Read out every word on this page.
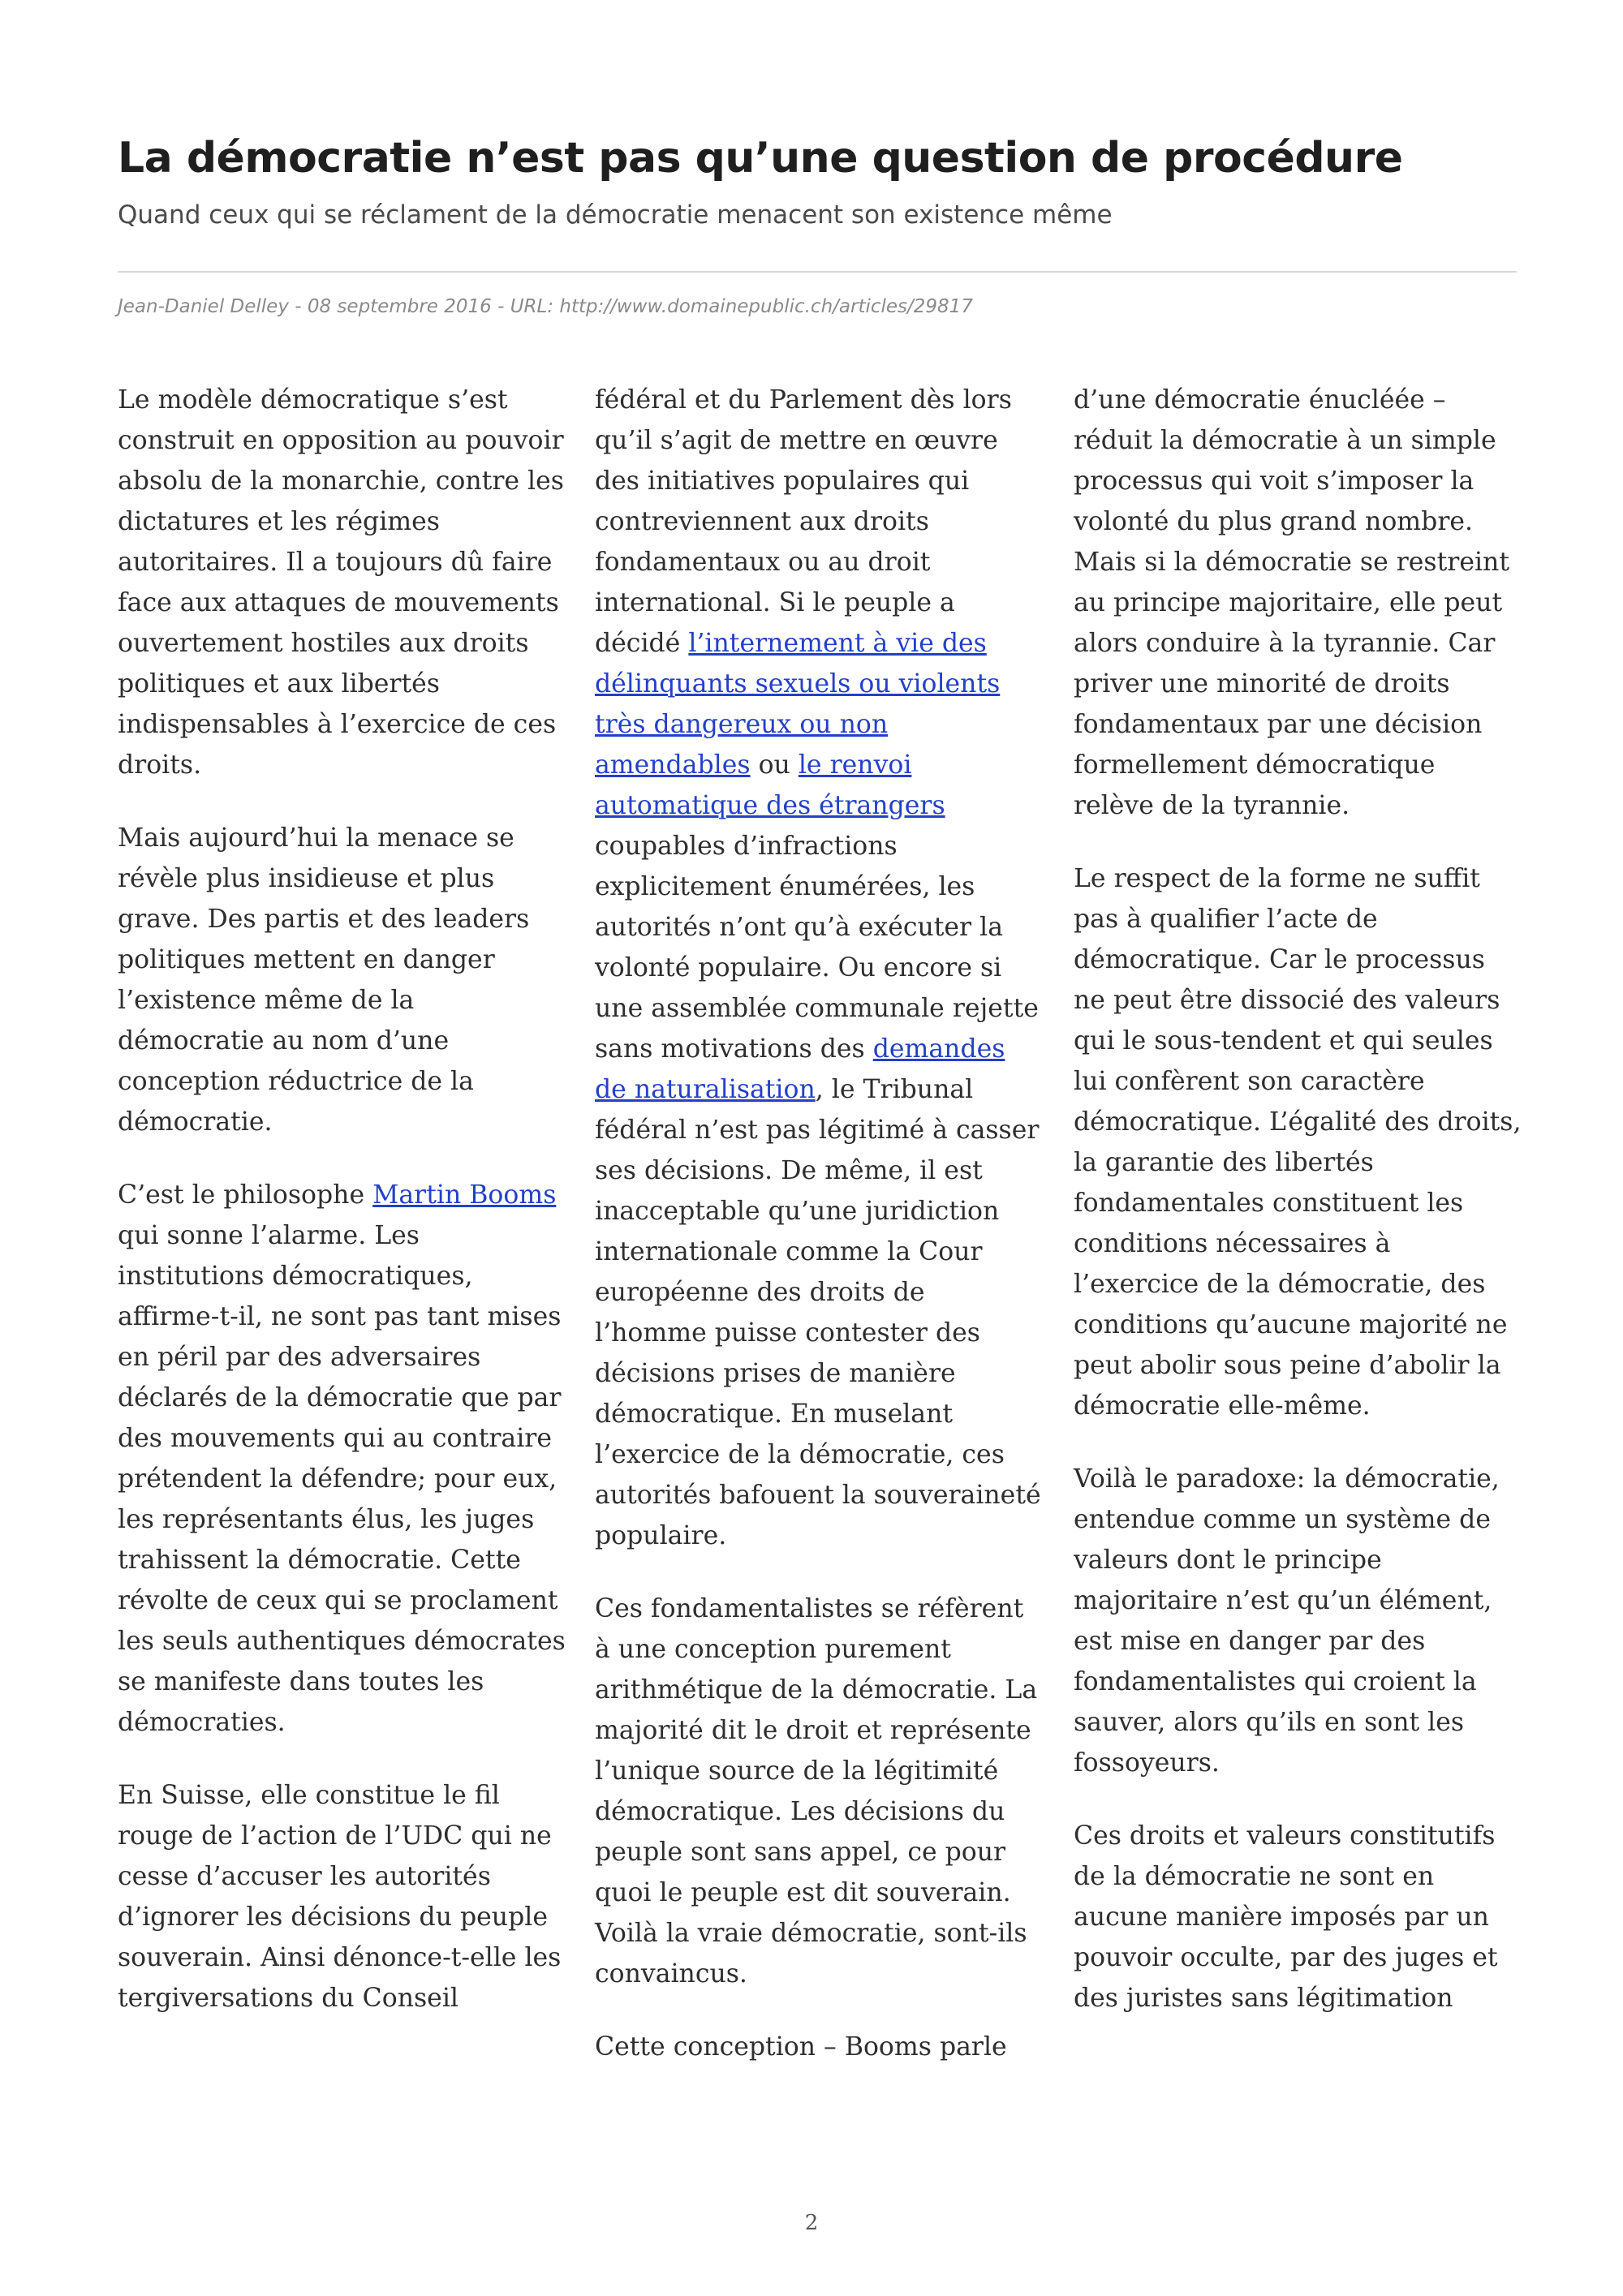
La démocratie n’est pas qu’une question de procédure

Quand ceux qui se réclament de la démocratie menacent son existence même

Jean-Daniel Delley - 08 septembre 2016 - URL: http://www.domainepublic.ch/articles/29817

Le modèle démocratique s’est construit en opposition au pouvoir absolu de la monarchie, contre les dictatures et les régimes autoritaires. Il a toujours dû faire face aux attaques de mouvements ouvertement hostiles aux droits politiques et aux libertés indispensables à l’exercice de ces droits.

Mais aujourd’hui la menace se révèle plus insidieuse et plus grave. Des partis et des leaders politiques mettent en danger l’existence même de la démocratie au nom d’une conception réductrice de la démocratie.

C’est le philosophe Martin Booms qui sonne l’alarme. Les institutions démocratiques, affirme-t-il, ne sont pas tant mises en péril par des adversaires déclarés de la démocratie que par des mouvements qui au contraire prétendent la défendre; pour eux, les représentants élus, les juges trahissent la démocratie. Cette révolte de ceux qui se proclament les seuls authentiques démocrates se manifeste dans toutes les démocraties.

En Suisse, elle constitue le fil rouge de l’action de l’UDC qui ne cesse d’accuser les autorités d’ignorer les décisions du peuple souverain. Ainsi dénonce-t-elle les tergiversations du Conseil

fédéral et du Parlement dès lors qu’il s’agit de mettre en œuvre des initiatives populaires qui contreviennent aux droits fondamentaux ou au droit international. Si le peuple a décidé l’internement à vie des délinquants sexuels ou violents très dangereux ou non amendables ou le renvoi automatique des étrangers coupables d’infractions explicitement énumérées, les autorités n’ont qu’à exécuter la volonté populaire. Ou encore si une assemblée communale rejette sans motivations des demandes de naturalisation, le Tribunal fédéral n’est pas légitimé à casser ses décisions. De même, il est inacceptable qu’une juridiction internationale comme la Cour européenne des droits de l’homme puisse contester des décisions prises de manière démocratique. En muselant l’exercice de la démocratie, ces autorités bafouent la souveraineté populaire.

Ces fondamentalistes se réfèrent à une conception purement arithmétique de la démocratie. La majorité dit le droit et représente l’unique source de la légitimité démocratique. Les décisions du peuple sont sans appel, ce pour quoi le peuple est dit souverain. Voilà la vraie démocratie, sont-ils convaincus.

Cette conception – Booms parle

d’une démocratie énucléée – réduit la démocratie à un simple processus qui voit s’imposer la volonté du plus grand nombre. Mais si la démocratie se restreint au principe majoritaire, elle peut alors conduire à la tyrannie. Car priver une minorité de droits fondamentaux par une décision formellement démocratique relève de la tyrannie.

Le respect de la forme ne suffit pas à qualifier l’acte de démocratique. Car le processus ne peut être dissocié des valeurs qui le sous-tendent et qui seules lui confèrent son caractère démocratique. L’égalité des droits, la garantie des libertés fondamentales constituent les conditions nécessaires à l’exercice de la démocratie, des conditions qu’aucune majorité ne peut abolir sous peine d’abolir la démocratie elle-même.

Voilà le paradoxe: la démocratie, entendue comme un système de valeurs dont le principe majoritaire n’est qu’un élément, est mise en danger par des fondamentalistes qui croient la sauver, alors qu’ils en sont les fossoyeurs.

Ces droits et valeurs constitutifs de la démocratie ne sont en aucune manière imposés par un pouvoir occulte, par des juges et des juristes sans légitimation

2
